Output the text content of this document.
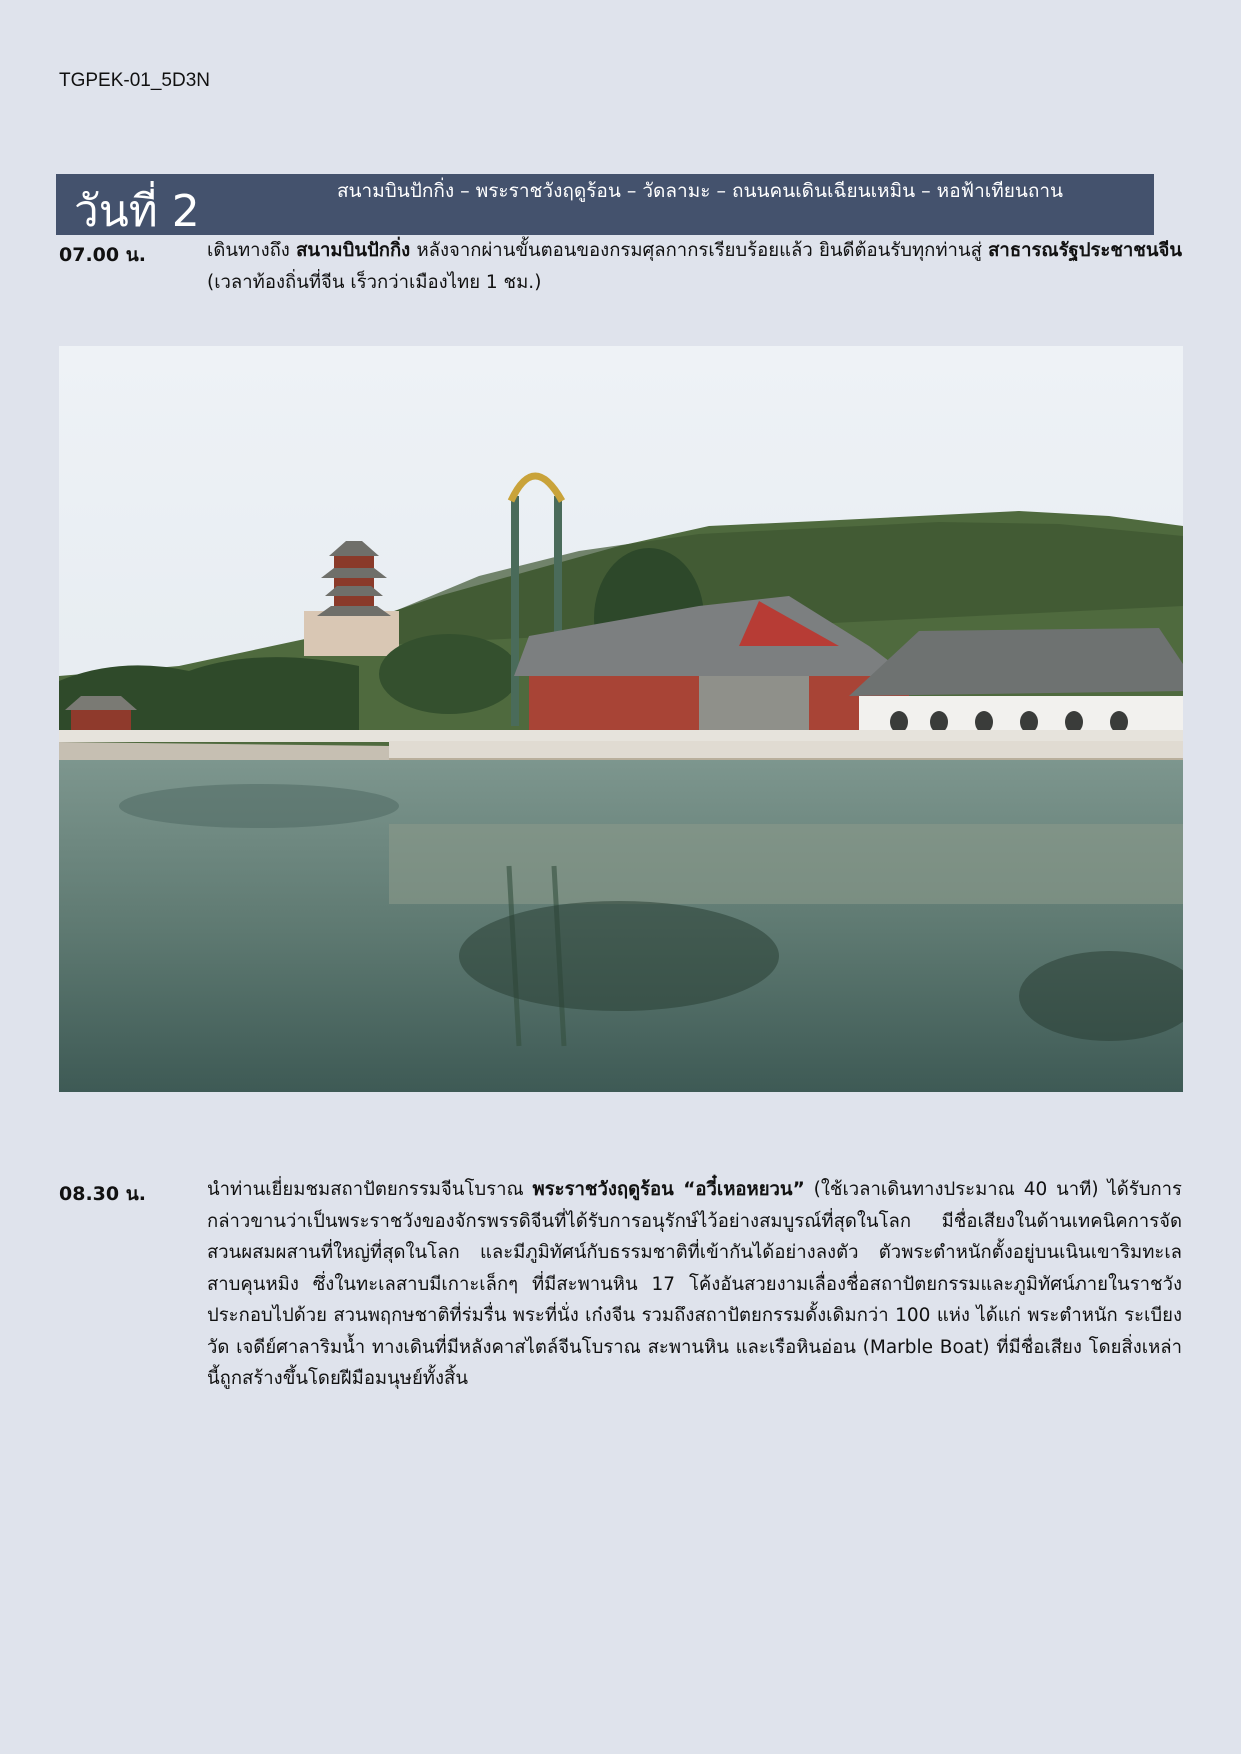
TGPEK-01_5D3N
วันที่ 2	สนามบินปักกิ่ง – พระราชวังฤดูร้อน – วัดลามะ – ถนนคนเดินเฉียนเหมิน – หอฟ้าเทียนถาน
07.00 น.	เดินทางถึง สนามบินปักกิ่ง หลังจากผ่านขั้นตอนของกรมศุลกากรเรียบร้อยแล้ว ยินดีต้อนรับทุกท่านสู่ สาธารณรัฐประชาชนจีน (เวลาท้องถิ่นที่จีน เร็วกว่าเมืองไทย 1 ชม.)
08.30 น.	นำท่านเยี่ยมชมสถาปัตยกรรมจีนโบราณ พระราชวังฤดูร้อน “อวี๋เหอหยวน” (ใช้เวลาเดินทางประมาณ 40 นาที) ได้รับการกล่าวขานว่าเป็นพระราชวังของจักรพรรดิจีนที่ได้รับการอนุรักษ์ไว้อย่างสมบูรณ์ที่สุดในโลก มีชื่อเสียงในด้านเทคนิคการจัดสวนผสมผสานที่ใหญ่ที่สุดในโลก และมีภูมิทัศน์กับธรรมชาติที่เข้ากันได้อย่างลงตัว ตัวพระตำหนักตั้งอยู่บนเนินเขาริมทะเลสาบคุนหมิง ซึ่งในทะเลสาบมีเกาะเล็กๆ ที่มีสะพานหิน 17 โค้งอันสวยงามเลื่องชื่อสถาปัตยกรรมและภูมิทัศน์ภายในราชวังประกอบไปด้วย สวนพฤกษชาติที่ร่มรื่น พระที่นั่ง เก๋งจีน รวมถึงสถาปัตยกรรมดั้งเดิมกว่า 100 แห่ง ได้แก่ พระตำหนัก ระเบียง วัด เจดีย์ศาลาริมน้ำ ทางเดินที่มีหลังคาสไตล์จีนโบราณ สะพานหิน และเรือหินอ่อน (Marble Boat) ที่มีชื่อเสียง โดยสิ่งเหล่านี้ถูกสร้างขึ้นโดยฝีมือมนุษย์ทั้งสิ้น
